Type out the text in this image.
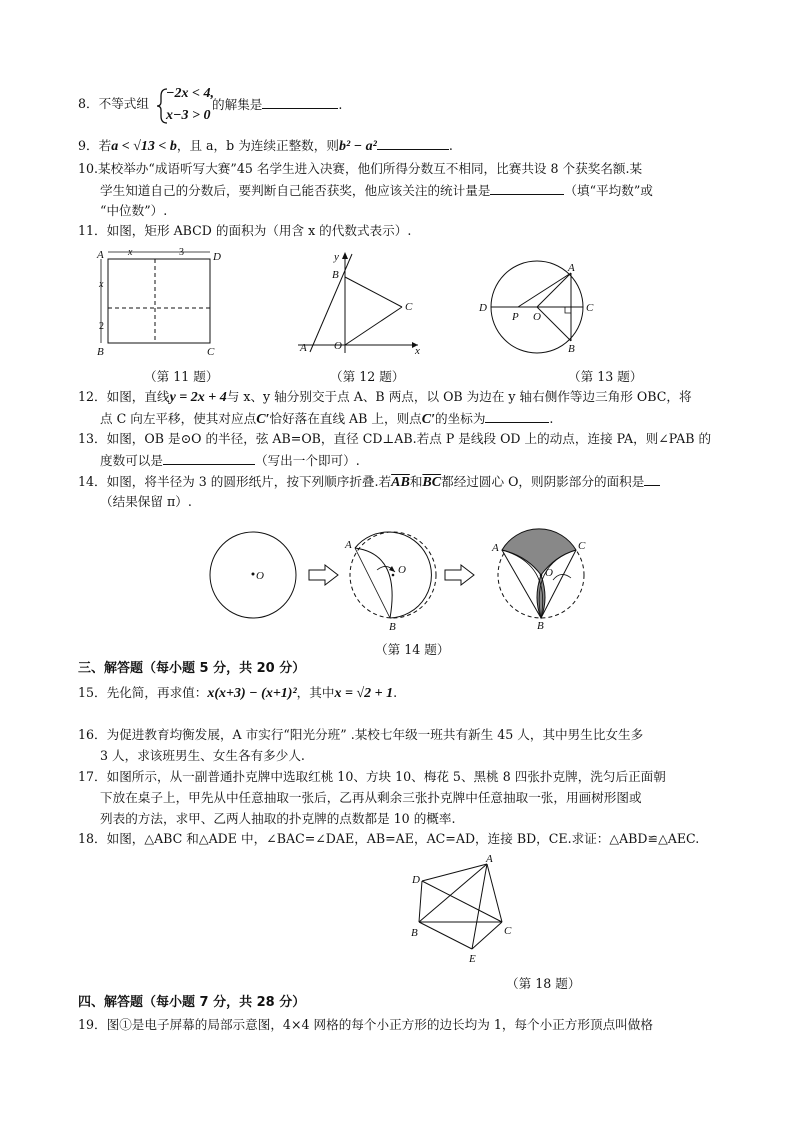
8．不等式组
−2x < 4,
x−3 > 0
的解集是	.
9．若a < √13 < b，且 a，b 为连续正整数，则b² − a²	.
10.某校举办“成语听写大赛”45 名学生进入决赛，他们所得分数互不相同，比赛共设 8 个获奖名额.某
学生知道自己的分数后，要判断自己能否获奖，他应该关注的统计量是	（填“平均数”或
“中位数”）.
11．如图，矩形 ABCD 的面积为（用含 x 的代数式表示）.
A	D
B	C
x	3
x
2
（第 11 题）
y
B
C
A O	x
（第 12 题）
A
D	C
P O
B
（第 13 题）
12．如图，直线y = 2x + 4与 x、y 轴分别交于点 A、B 两点，以 OB 为边在 y 轴右侧作等边三角形 OBC，将
点 C 向左平移，使其对应点C′恰好落在直线 AB 上，则点C′的坐标为	.
13．如图，OB 是⊙O 的半径，弦 AB=OB，直径 CD⊥AB.若点 P 是线段 OD 上的动点，连接 PA，则∠PAB 的
度数可以是	（写出一个即可）.
14．如图，将半径为 3 的圆形纸片，按下列顺序折叠.若$\overline{AB}$和$\overline{BC}$都经过圆心 O，则阴影部分的面积是
（结果保留 π）.
O
A
O
B
A	C
O
B
（第 14 题）
三、解答题（每小题 5 分，共 20 分）
15．先化简，再求值：x(x+3) − (x+1)²，其中x = √2 + 1.
16．为促进教育均衡发展，A 市实行“阳光分班” .某校七年级一班共有新生 45 人，其中男生比女生多
3 人，求该班男生、女生各有多少人.
17．如图所示，从一副普通扑克牌中选取红桃 10、方块 10、梅花 5、黑桃 8 四张扑克牌，洗匀后正面朝
下放在桌子上，甲先从中任意抽取一张后，乙再从剩余三张扑克牌中任意抽取一张，用画树形图或
列表的方法，求甲、乙两人抽取的扑克牌的点数都是 10 的概率.
18．如图，△ABC 和△ADE 中，∠BAC=∠DAE，AB=AE，AC=AD，连接 BD，CE.求证：△ABD≌△AEC.
D
A
B	C
E
（第 18 题）
四、解答题（每小题 7 分，共 28 分）
19．图①是电子屏幕的局部示意图，4×4 网格的每个小正方形的边长均为 1，每个小正方形顶点叫做格
